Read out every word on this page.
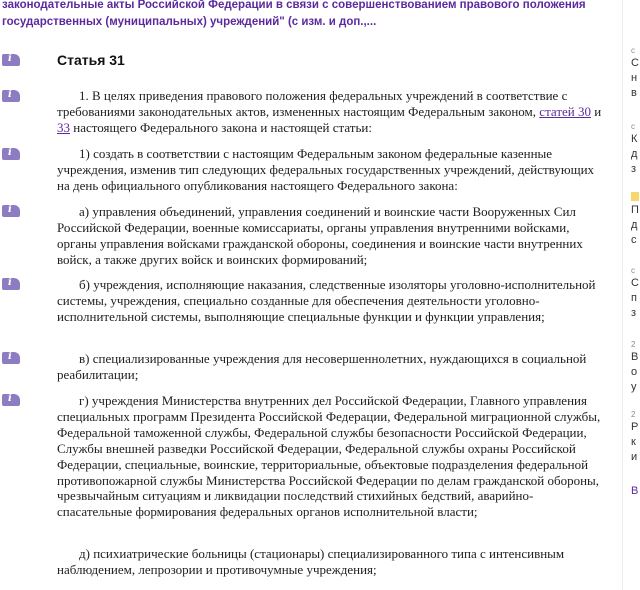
законодательные акты Российской Федерации в связи с совершенствованием правового положения
государственных (муниципальных) учреждений" (с изм. и доп.,...
i
i
i
i
i
i
i
Статья 31

1. В целях приведения правового положения федеральных учреждений в соответствие с требованиями законодательных актов, измененных настоящим Федеральным законом, статей 30 и 33 настоящего Федерального закона и настоящей статьи:

1) создать в соответствии с настоящим Федеральным законом федеральные казенные учреждения, изменив тип следующих федеральных государственных учреждений, действующих на день официального опубликования настоящего Федерального закона:

а) управления объединений, управления соединений и воинские части Вооруженных Сил Российской Федерации, военные комиссариаты, органы управления внутренними войсками, органы управления войсками гражданской обороны, соединения и воинские части внутренних войск, а также других войск и воинских формирований;

б) учреждения, исполняющие наказания, следственные изоляторы уголовно-исполнительной системы, учреждения, специально созданные для обеспечения деятельности уголовно-исполнительной системы, выполняющие специальные функции и функции управления;

в) специализированные учреждения для несовершеннолетних, нуждающихся в социальной реабилитации;

г) учреждения Министерства внутренних дел Российской Федерации, Главного управления специальных программ Президента Российской Федерации, Федеральной миграционной службы, Федеральной таможенной службы, Федеральной службы безопасности Российской Федерации, Службы внешней разведки Российской Федерации, Федеральной службы охраны Российской Федерации, специальные, воинские, территориальные, объектовые подразделения федеральной противопожарной службы Министерства Российской Федерации по делам гражданской обороны, чрезвычайным ситуациям и ликвидации последствий стихийных бедствий, аварийно-спасательные формирования федеральных органов исполнительной власти;

д) психиатрические больницы (стационары) специализированного типа с интенсивным наблюдением, лепрозории и противочумные учреждения;

с
С
н
в
с
К
д
з
П
д
с
с
С
п
з
2
В
о
у
2
Р
к
и
В
